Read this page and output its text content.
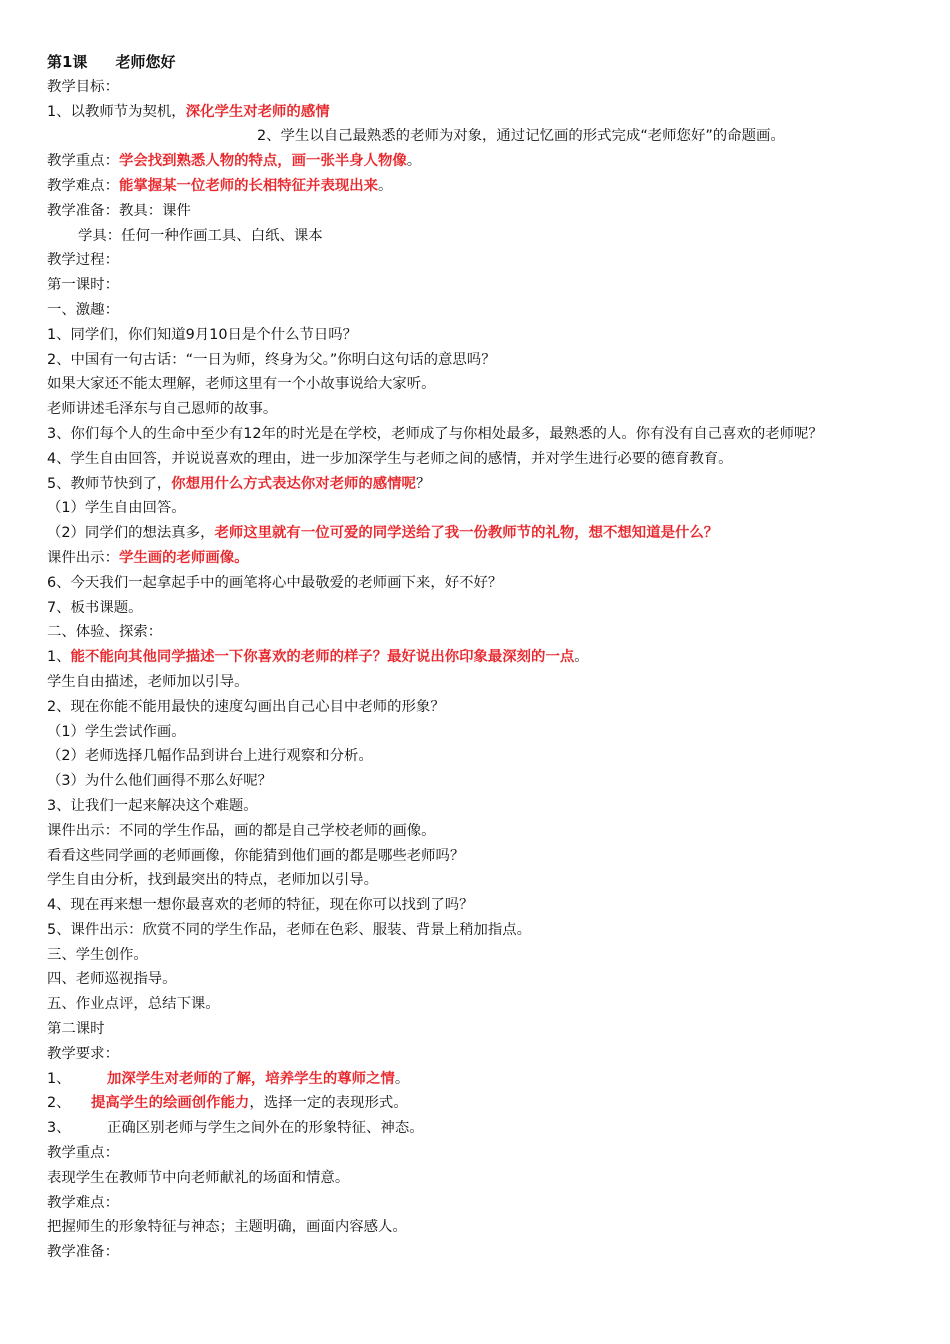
第1课 老师您好
教学目标：
1、以教师节为契机，深化学生对老师的感情
2、学生以自己最熟悉的老师为对象，通过记忆画的形式完成“老师您好”的命题画。
教学重点：学会找到熟悉人物的特点，画一张半身人物像。
教学难点：能掌握某一位老师的长相特征并表现出来。
教学准备：教具：课件
学具：任何一种作画工具、白纸、课本
教学过程：
第一课时：
一、激趣：
1、同学们，你们知道9月10日是个什么节日吗？
2、中国有一句古话：“一日为师，终身为父。”你明白这句话的意思吗？
如果大家还不能太理解，老师这里有一个小故事说给大家听。
老师讲述毛泽东与自己恩师的故事。
3、你们每个人的生命中至少有12年的时光是在学校，老师成了与你相处最多，最熟悉的人。你有没有自己喜欢的老师呢？
4、学生自由回答，并说说喜欢的理由，进一步加深学生与老师之间的感情，并对学生进行必要的德育教育。
5、教师节快到了，你想用什么方式表达你对老师的感情呢？
（1）学生自由回答。
（2）同学们的想法真多，老师这里就有一位可爱的同学送给了我一份教师节的礼物，想不想知道是什么？
课件出示：学生画的老师画像。
6、今天我们一起拿起手中的画笔将心中最敬爱的老师画下来，好不好？
7、板书课题。
二、体验、探索：
1、能不能向其他同学描述一下你喜欢的老师的样子？最好说出你印象最深刻的一点。
学生自由描述，老师加以引导。
2、现在你能不能用最快的速度勾画出自己心目中老师的形象？
（1）学生尝试作画。
（2）老师选择几幅作品到讲台上进行观察和分析。
（3）为什么他们画得不那么好呢？
3、让我们一起来解决这个难题。
课件出示：不同的学生作品，画的都是自己学校老师的画像。
看看这些同学画的老师画像，你能猜到他们画的都是哪些老师吗？
学生自由分析，找到最突出的特点，老师加以引导。
4、现在再来想一想你最喜欢的老师的特征，现在你可以找到了吗？
5、课件出示：欣赏不同的学生作品，老师在色彩、服装、背景上稍加指点。
三、学生创作。
四、老师巡视指导。
五、作业点评，总结下课。
第二课时
教学要求：
1、	加深学生对老师的了解，培养学生的尊师之情。
2、 提高学生的绘画创作能力，选择一定的表现形式。
3、	正确区别老师与学生之间外在的形象特征、神态。
教学重点：
表现学生在教师节中向老师献礼的场面和情意。
教学难点：
把握师生的形象特征与神态；主题明确，画面内容感人。
教学准备：
